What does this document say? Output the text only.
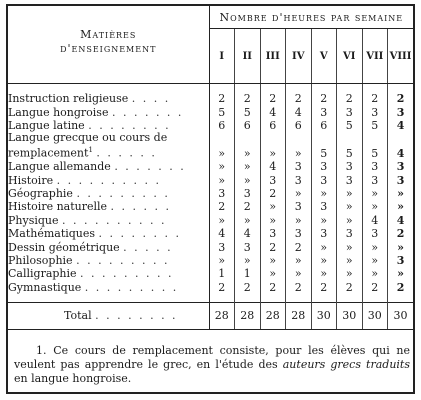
Matières
d'enseignement	Nombre d'heures par semaine							
	I	II	III	IV	V	VI	VII	VIII

Instruction religieuse . . . .	2	2	2	2	2	2	2	2
Langue hongroise . . . . . . .	5	5	4	4	3	3	3	3
Langue latine . . . . . . . .	6	6	6	6	6	5	5	4

Langue grecque ou cours de
remplacement$^1$ . . . . . .	»	»	»	»	5	5	5	4
Langue allemande . . . . . . .	»	»	4	3	3	3	3	3
Histoire . . . . . . . . . .	»	»	3	3	3	3	3	3
Géographie . . . . . . . . .	3	3	2	»	»	»	»	»
Histoire naturelle . . . . . .	2	2	»	3	3	»	»	»
Physique . . . . . . . . . .	»	»	»	»	»	»	4	4
Mathématiques . . . . . . . .	4	4	3	3	3	3	3	2
Dessin géométrique . . . . .	3	3	2	2	»	»	»	»
Philosophie . . . . . . . . .	»	»	»	»	»	»	»	3
Calligraphie . . . . . . . . .	1	1	»	»	»	»	»	»
Gymnastique . . . . . . . . .	2	2	2	2	2	2	2	2

Total . . . . . . . .	28	28	28	28	30	30	30	30
1. Ce cours de remplacement consiste, pour les élèves qui ne veulent pas apprendre le grec, en l'étude des auteurs grecs traduits en langue hongroise.
